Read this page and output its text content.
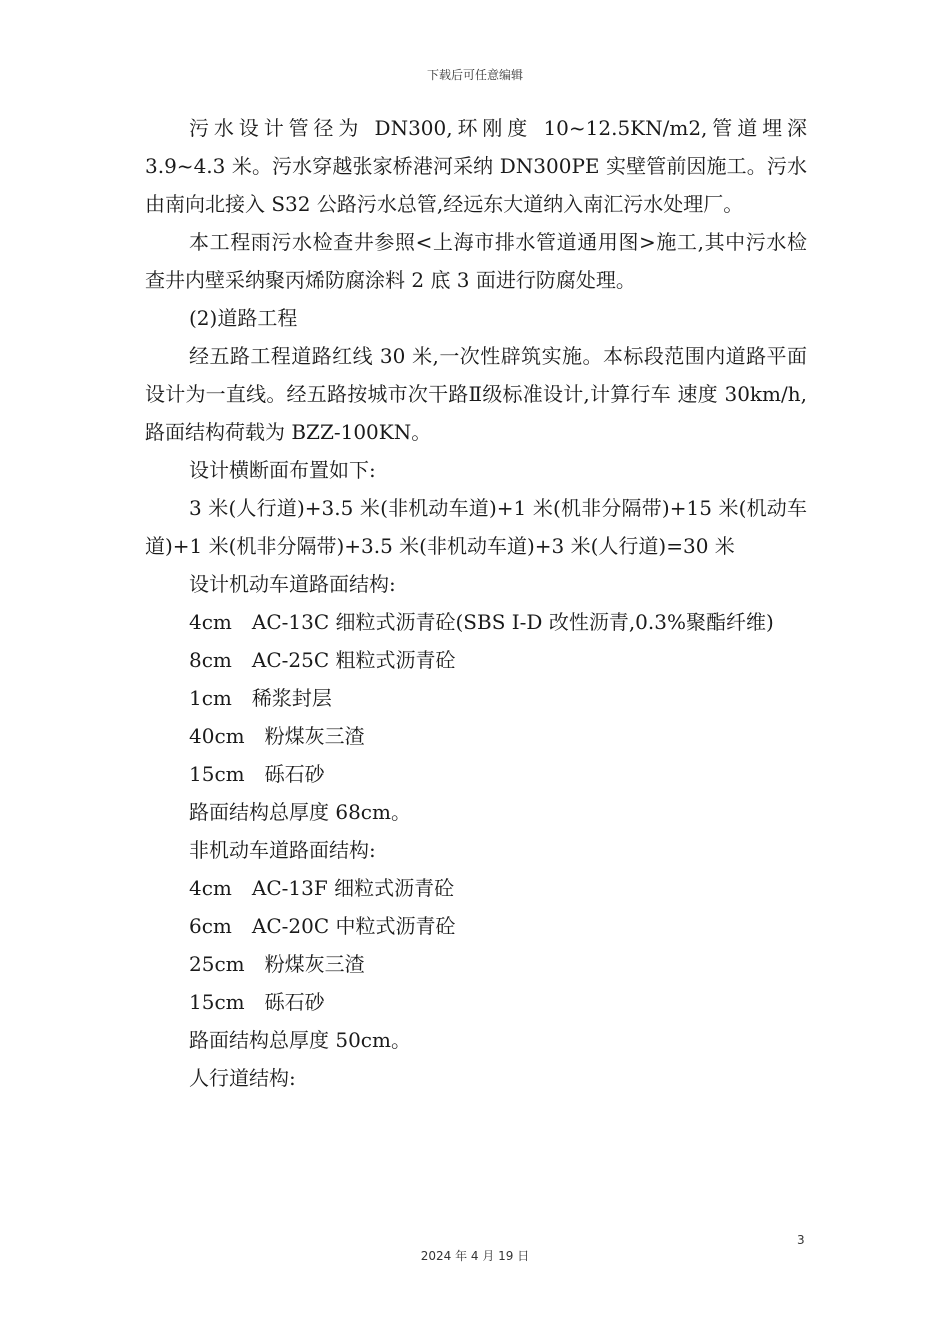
下载后可任意编辑

污水设计管径为 DN300,环刚度 10~12.5KN/m2,管道埋深 3.9~4.3 米。污水穿越张家桥港河采纳 DN300PE 实壁管前因施工。污水由南向北接入 S32 公路污水总管,经远东大道纳入南汇污水处理厂。

本工程雨污水检查井参照<上海市排水管道通用图>施工,其中污水检查井内壁采纳聚丙烯防腐涂料 2 底 3 面进行防腐处理。

(2)道路工程

经五路工程道路红线 30 米,一次性辟筑实施。本标段范围内道路平面设计为一直线。经五路按城市次干路Ⅱ级标准设计,计算行车 速度 30km/h,路面结构荷载为 BZZ-100KN。

设计横断面布置如下:

3 米(人行道)+3.5 米(非机动车道)+1 米(机非分隔带)+15 米(机动车道)+1 米(机非分隔带)+3.5 米(非机动车道)+3 米(人行道)=30 米

设计机动车道路面结构:

4cm　AC-13C 细粒式沥青砼(SBS I-D 改性沥青,0.3%聚酯纤维)

8cm　AC-25C 粗粒式沥青砼

1cm　稀浆封层

40cm　粉煤灰三渣

15cm　砾石砂

路面结构总厚度 68cm。

非机动车道路面结构:

4cm　AC-13F 细粒式沥青砼

6cm　AC-20C 中粒式沥青砼

25cm　粉煤灰三渣

15cm　砾石砂

路面结构总厚度 50cm。

人行道结构:

3
2024 年 4 月 19 日
